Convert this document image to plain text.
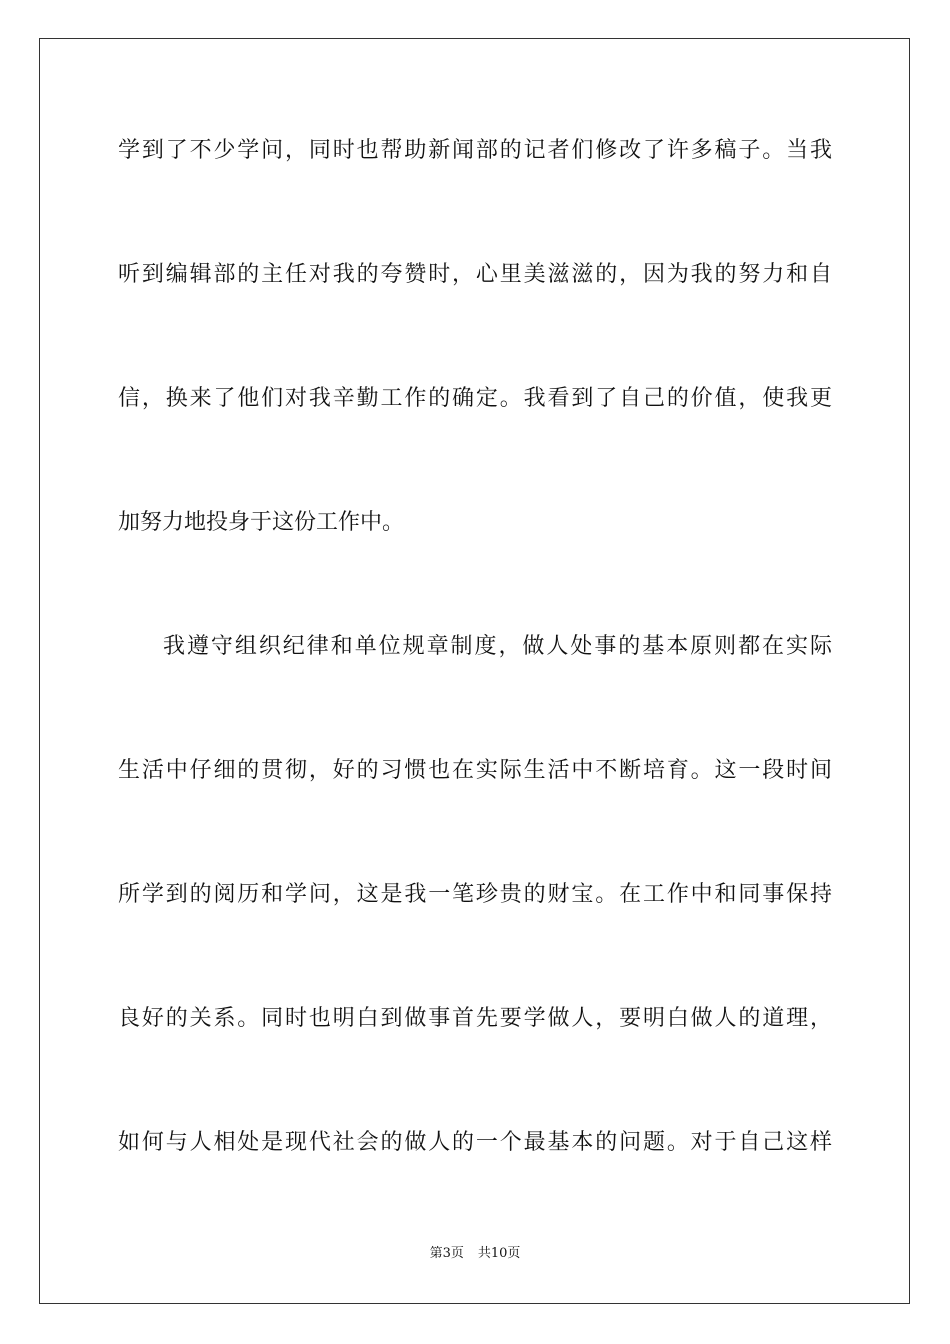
学到了不少学问，同时也帮助新闻部的记者们修改了许多稿子。当我
听到编辑部的主任对我的夸赞时，心里美滋滋的，因为我的努力和自
信，换来了他们对我辛勤工作的确定。我看到了自己的价值，使我更
加努力地投身于这份工作中。
我遵守组织纪律和单位规章制度，做人处事的基本原则都在实际
生活中仔细的贯彻，好的习惯也在实际生活中不断培育。这一段时间
所学到的阅历和学问，这是我一笔珍贵的财宝。在工作中和同事保持
良好的关系。同时也明白到做事首先要学做人，要明白做人的道理，
如何与人相处是现代社会的做人的一个最基本的问题。对于自己这样
第3页 共10页
